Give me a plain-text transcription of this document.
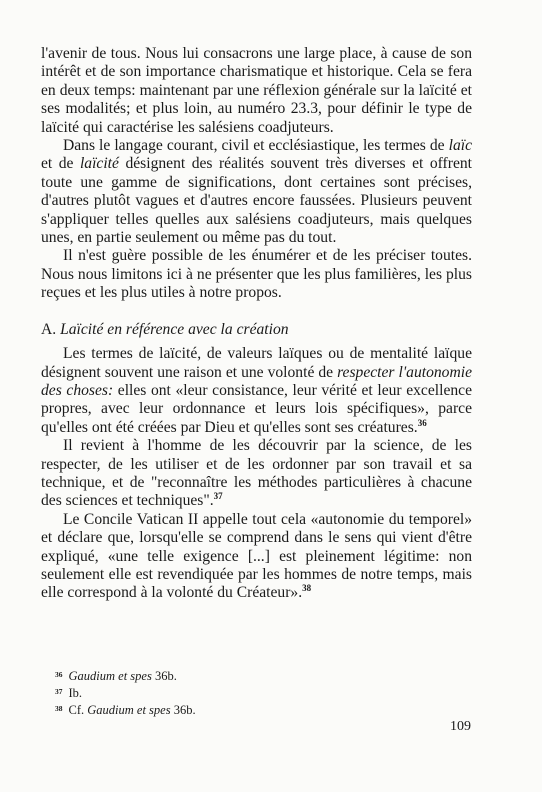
l'avenir de tous. Nous lui consacrons une large place, à cause de son intérêt et de son importance charismatique et historique. Cela se fera en deux temps: maintenant par une réflexion générale sur la laïcité et ses modalités; et plus loin, au numéro 23.3, pour définir le type de laïcité qui caractérise les salésiens coadjuteurs.

Dans le langage courant, civil et ecclésiastique, les termes de laïc et de laïcité désignent des réalités souvent très diverses et offrent toute une gamme de significations, dont certaines sont précises, d'autres plutôt vagues et d'autres encore faussées. Plusieurs peuvent s'appliquer telles quelles aux salésiens coadjuteurs, mais quelques unes, en partie seulement ou même pas du tout.

Il n'est guère possible de les énumérer et de les préciser toutes. Nous nous limitons ici à ne présenter que les plus familières, les plus reçues et les plus utiles à notre propos.

A. Laïcité en référence avec la création

Les termes de laïcité, de valeurs laïques ou de mentalité laïque désignent souvent une raison et une volonté de respecter l'autonomie des choses: elles ont «leur consistance, leur vérité et leur excellence propres, avec leur ordonnance et leurs lois spécifiques», parce qu'elles ont été créées par Dieu et qu'elles sont ses créatures.$^{36}$

Il revient à l'homme de les découvrir par la science, de les respecter, de les utiliser et de les ordonner par son travail et sa technique, et de "reconnaître les méthodes particulières à chacune des sciences et techniques".$^{37}$

Le Concile Vatican II appelle tout cela «autonomie du temporel» et déclare que, lorsqu'elle se comprend dans le sens qui vient d'être expliqué, «une telle exigence [...] est pleinement légitime: non seulement elle est revendiquée par les hommes de notre temps, mais elle correspond à la volonté du Créateur».$^{38}$

$^{36}$ Gaudium et spes 36b.

$^{37}$ Ib.

$^{38}$ Cf. Gaudium et spes 36b.

109
